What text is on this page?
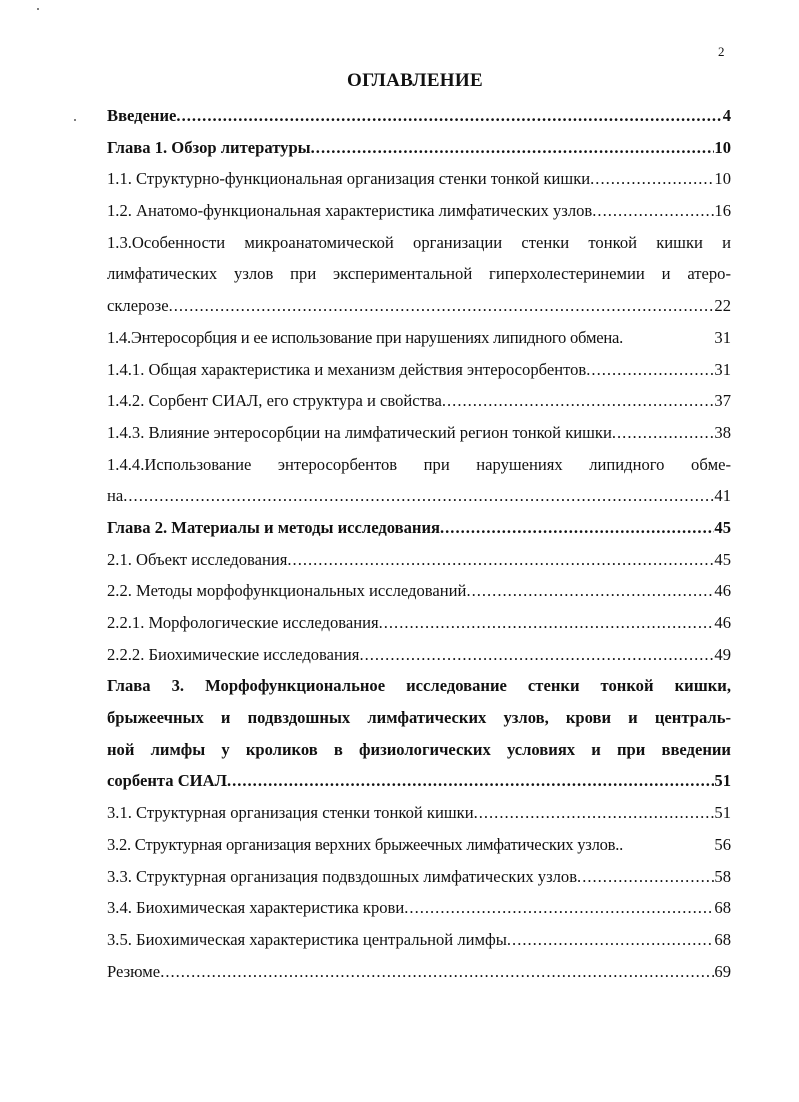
2
ОГЛАВЛЕНИЕ
Введение .....	4
Глава 1. Обзор литературы .....	10
1.1. Структурно-функциональная организация стенки тонкой кишки .....	10
1.2. Анатомо-функциональная характеристика лимфатических узлов .....	16
1.3.Особенности микроанатомической организации стенки тонкой кишки и
лимфатических узлов при экспериментальной гиперхолестеринемии и атеро-
склерозе .....	22
1.4.Энтеросорбция и ее использование при нарушениях липидного обмена.	31
1.4.1. Общая характеристика и механизм действия энтеросорбентов .....	31
1.4.2. Сорбент СИАЛ, его структура и свойства .....	37
1.4.3. Влияние энтеросорбции на лимфатический регион тонкой кишки .....	38
1.4.4.Использование энтеросорбентов при нарушениях липидного обме-
на .....	41
Глава 2. Материалы и методы исследования .....	45
2.1. Объект исследования .....	45
2.2. Методы морфофункциональных исследований .....	46
2.2.1. Морфологические исследования .....	46
2.2.2. Биохимические исследования .....	49
Глава 3. Морфофункциональное исследование стенки тонкой кишки,
брыжеечных и подвздошных лимфатических узлов, крови и централь-
ной лимфы у кроликов в физиологических условиях и при введении
сорбента СИАЛ .....	51
3.1. Структурная организация стенки тонкой кишки .....	51
3.2. Структурная организация верхних брыжеечных лимфатических узлов..	56
3.3. Структурная организация подвздошных лимфатических узлов .....	58
3.4. Биохимическая характеристика крови .....	68
3.5. Биохимическая характеристика центральной лимфы .....	68
Резюме .....	69
